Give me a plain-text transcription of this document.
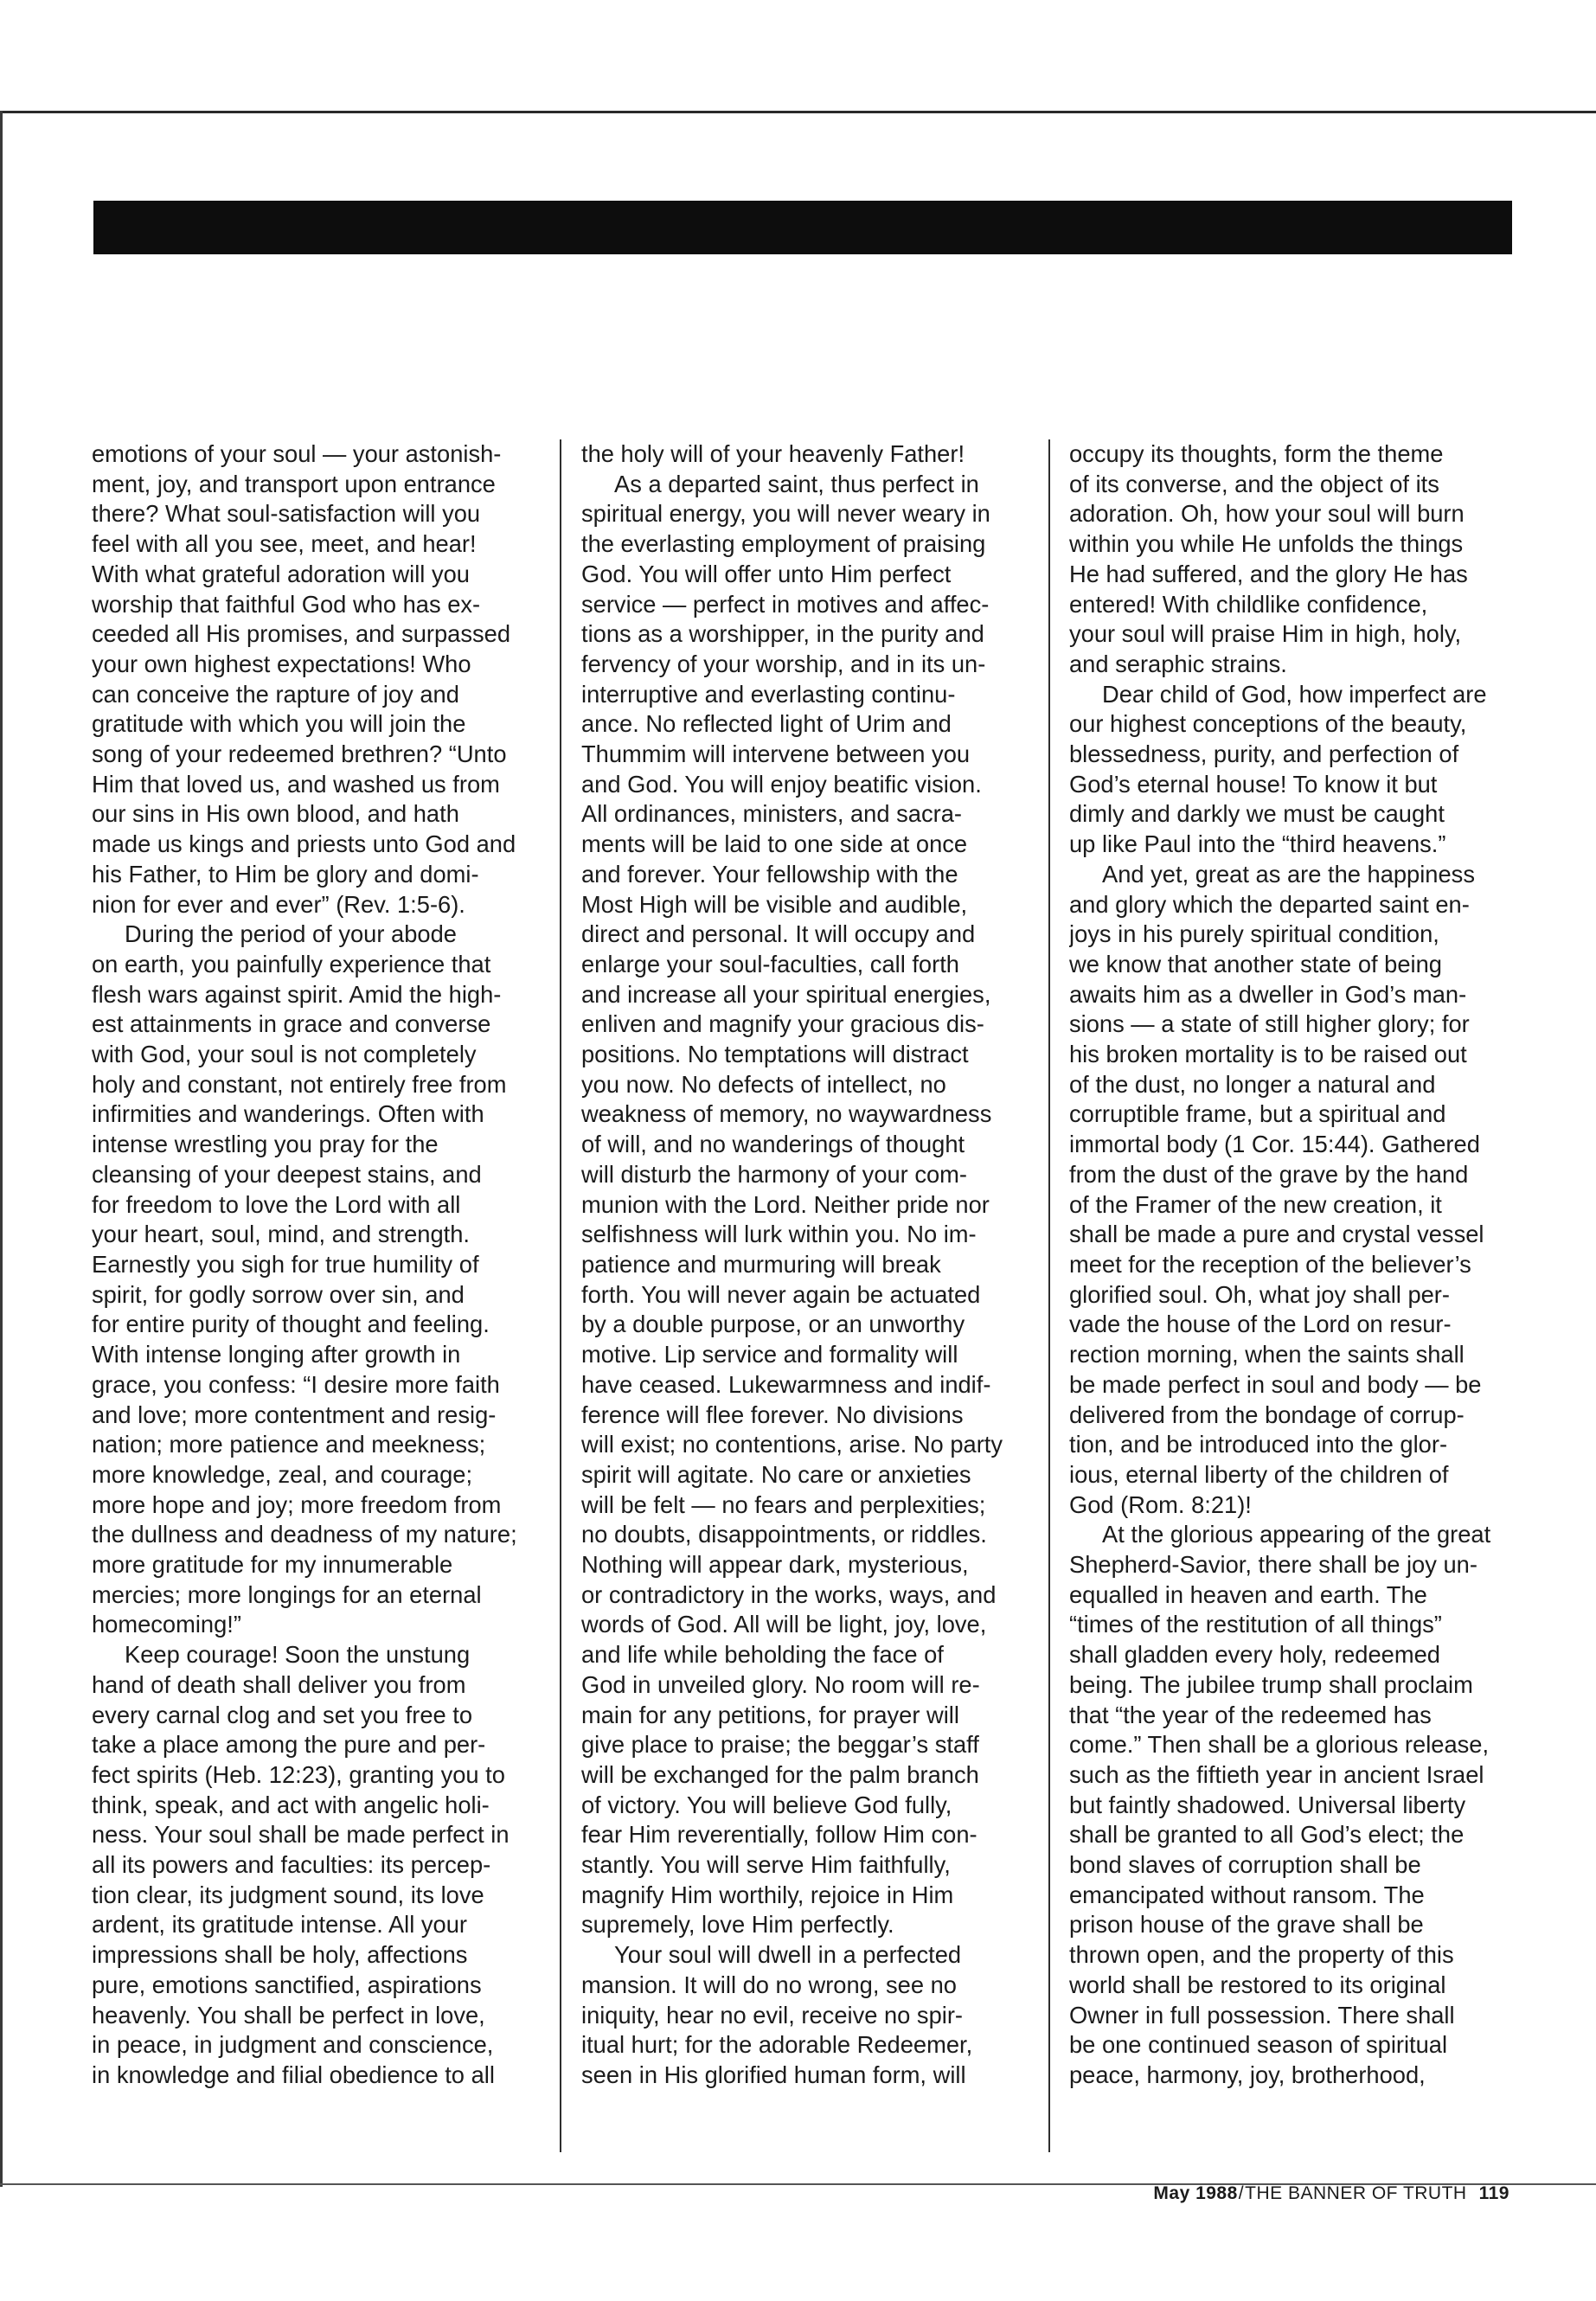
emotions of your soul — your astonish-
ment, joy, and transport upon entrance
there? What soul-satisfaction will you
feel with all you see, meet, and hear!
With what grateful adoration will you
worship that faithful God who has ex-
ceeded all His promises, and surpassed
your own highest expectations! Who
can conceive the rapture of joy and
gratitude with which you will join the
song of your redeemed brethren? “Unto
Him that loved us, and washed us from
our sins in His own blood, and hath
made us kings and priests unto God and
his Father, to Him be glory and domi-
nion for ever and ever” (Rev. 1:5-6).

During the period of your abode
on earth, you painfully experience that
flesh wars against spirit. Amid the high-
est attainments in grace and converse
with God, your soul is not completely
holy and constant, not entirely free from
infirmities and wanderings. Often with
intense wrestling you pray for the
cleansing of your deepest stains, and
for freedom to love the Lord with all
your heart, soul, mind, and strength.
Earnestly you sigh for true humility of
spirit, for godly sorrow over sin, and
for entire purity of thought and feeling.
With intense longing after growth in
grace, you confess: “I desire more faith
and love; more contentment and resig-
nation; more patience and meekness;
more knowledge, zeal, and courage;
more hope and joy; more freedom from
the dullness and deadness of my nature;
more gratitude for my innumerable
mercies; more longings for an eternal
homecoming!”

Keep courage! Soon the unstung
hand of death shall deliver you from
every carnal clog and set you free to
take a place among the pure and per-
fect spirits (Heb. 12:23), granting you to
think, speak, and act with angelic holi-
ness. Your soul shall be made perfect in
all its powers and faculties: its percep-
tion clear, its judgment sound, its love
ardent, its gratitude intense. All your
impressions shall be holy, affections
pure, emotions sanctified, aspirations
heavenly. You shall be perfect in love,
in peace, in judgment and conscience,
in knowledge and filial obedience to all

the holy will of your heavenly Father!

As a departed saint, thus perfect in
spiritual energy, you will never weary in
the everlasting employment of praising
God. You will offer unto Him perfect
service — perfect in motives and affec-
tions as a worshipper, in the purity and
fervency of your worship, and in its un-
interruptive and everlasting continu-
ance. No reflected light of Urim and
Thummim will intervene between you
and God. You will enjoy beatific vision.
All ordinances, ministers, and sacra-
ments will be laid to one side at once
and forever. Your fellowship with the
Most High will be visible and audible,
direct and personal. It will occupy and
enlarge your soul-faculties, call forth
and increase all your spiritual energies,
enliven and magnify your gracious dis-
positions. No temptations will distract
you now. No defects of intellect, no
weakness of memory, no waywardness
of will, and no wanderings of thought
will disturb the harmony of your com-
munion with the Lord. Neither pride nor
selfishness will lurk within you. No im-
patience and murmuring will break
forth. You will never again be actuated
by a double purpose, or an unworthy
motive. Lip service and formality will
have ceased. Lukewarmness and indif-
ference will flee forever. No divisions
will exist; no contentions, arise. No party
spirit will agitate. No care or anxieties
will be felt — no fears and perplexities;
no doubts, disappointments, or riddles.
Nothing will appear dark, mysterious,
or contradictory in the works, ways, and
words of God. All will be light, joy, love,
and life while beholding the face of
God in unveiled glory. No room will re-
main for any petitions, for prayer will
give place to praise; the beggar’s staff
will be exchanged for the palm branch
of victory. You will believe God fully,
fear Him reverentially, follow Him con-
stantly. You will serve Him faithfully,
magnify Him worthily, rejoice in Him
supremely, love Him perfectly.

Your soul will dwell in a perfected
mansion. It will do no wrong, see no
iniquity, hear no evil, receive no spir-
itual hurt; for the adorable Redeemer,
seen in His glorified human form, will

occupy its thoughts, form the theme
of its converse, and the object of its
adoration. Oh, how your soul will burn
within you while He unfolds the things
He had suffered, and the glory He has
entered! With childlike confidence,
your soul will praise Him in high, holy,
and seraphic strains.

Dear child of God, how imperfect are
our highest conceptions of the beauty,
blessedness, purity, and perfection of
God’s eternal house! To know it but
dimly and darkly we must be caught
up like Paul into the “third heavens.”

And yet, great as are the happiness
and glory which the departed saint en-
joys in his purely spiritual condition,
we know that another state of being
awaits him as a dweller in God’s man-
sions — a state of still higher glory; for
his broken mortality is to be raised out
of the dust, no longer a natural and
corruptible frame, but a spiritual and
immortal body (1 Cor. 15:44). Gathered
from the dust of the grave by the hand
of the Framer of the new creation, it
shall be made a pure and crystal vessel
meet for the reception of the believer’s
glorified soul. Oh, what joy shall per-
vade the house of the Lord on resur-
rection morning, when the saints shall
be made perfect in soul and body — be
delivered from the bondage of corrup-
tion, and be introduced into the glor-
ious, eternal liberty of the children of
God (Rom. 8:21)!

At the glorious appearing of the great
Shepherd-Savior, there shall be joy un-
equalled in heaven and earth. The
“times of the restitution of all things”
shall gladden every holy, redeemed
being. The jubilee trump shall proclaim
that “the year of the redeemed has
come.” Then shall be a glorious release,
such as the fiftieth year in ancient Israel
but faintly shadowed. Universal liberty
shall be granted to all God’s elect; the
bond slaves of corruption shall be
emancipated without ransom. The
prison house of the grave shall be
thrown open, and the property of this
world shall be restored to its original
Owner in full possession. There shall
be one continued season of spiritual
peace, harmony, joy, brotherhood,

May 1988/THE BANNER OF TRUTH 119
